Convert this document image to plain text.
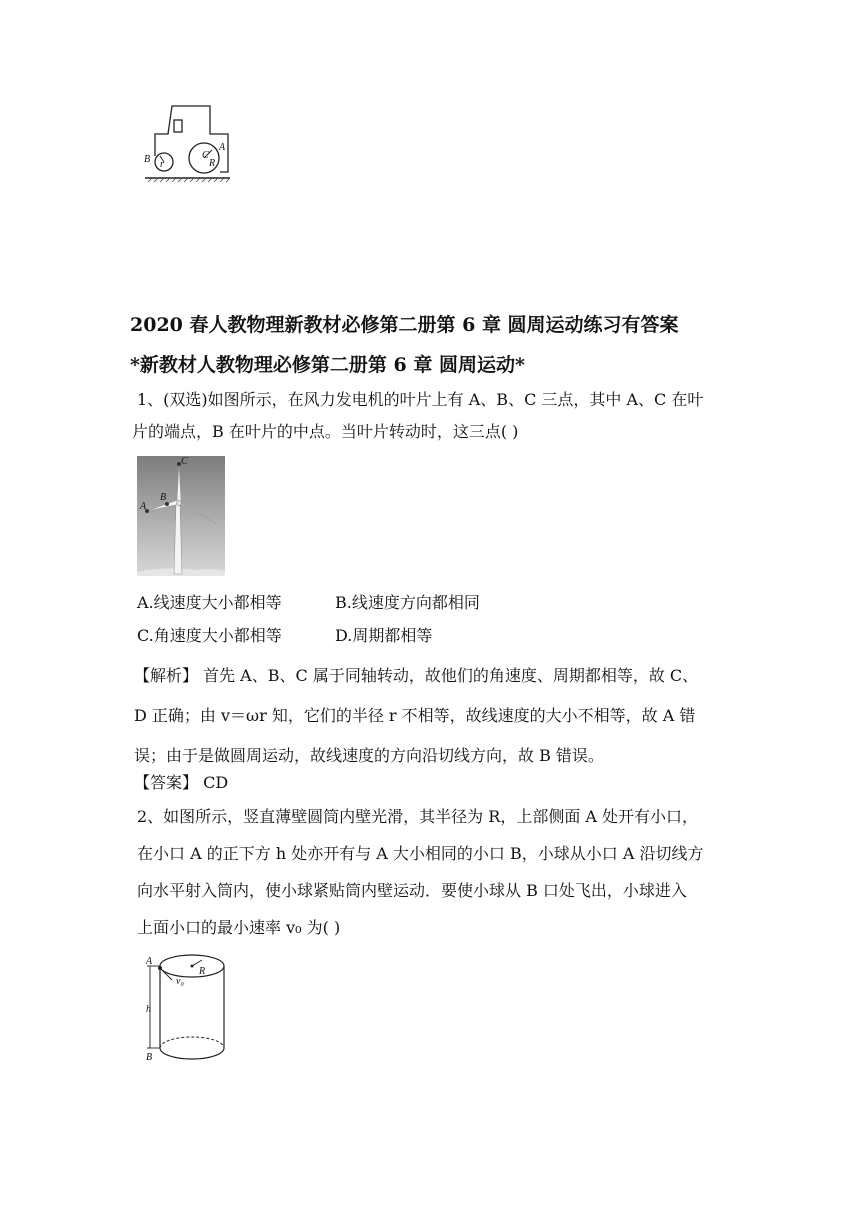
B r
C
R
A
2020 春人教物理新教材必修第二册第 6 章 圆周运动练习有答案
*新教材人教物理必修第二册第 6 章 圆周运动*
1、(双选)如图所示，在风力发电机的叶片上有 A、B、C 三点，其中 A、C 在叶
片的端点，B 在叶片的中点。当叶片转动时，这三点( )
C
B
A
A.线速度大小都相等	B.线速度方向都相同
C.角速度大小都相等	D.周期都相等
【解析】 首先 A、B、C 属于同轴转动，故他们的角速度、周期都相等，故 C、
D 正确；由 v＝ωr 知，它们的半径 r 不相等，故线速度的大小不相等，故 A 错
误；由于是做圆周运动，故线速度的方向沿切线方向，故 B 错误。
【答案】 CD
2、如图所示，竖直薄壁圆筒内壁光滑，其半径为 R，上部侧面 A 处开有小口，
在小口 A 的正下方 h 处亦开有与 A 大小相同的小口 B，小球从小口 A 沿切线方
向水平射入筒内，使小球紧贴筒内壁运动．要使小球从 B 口处飞出，小球进入
上面小口的最小速率 v₀ 为( )
A
R
v₀
h
B
